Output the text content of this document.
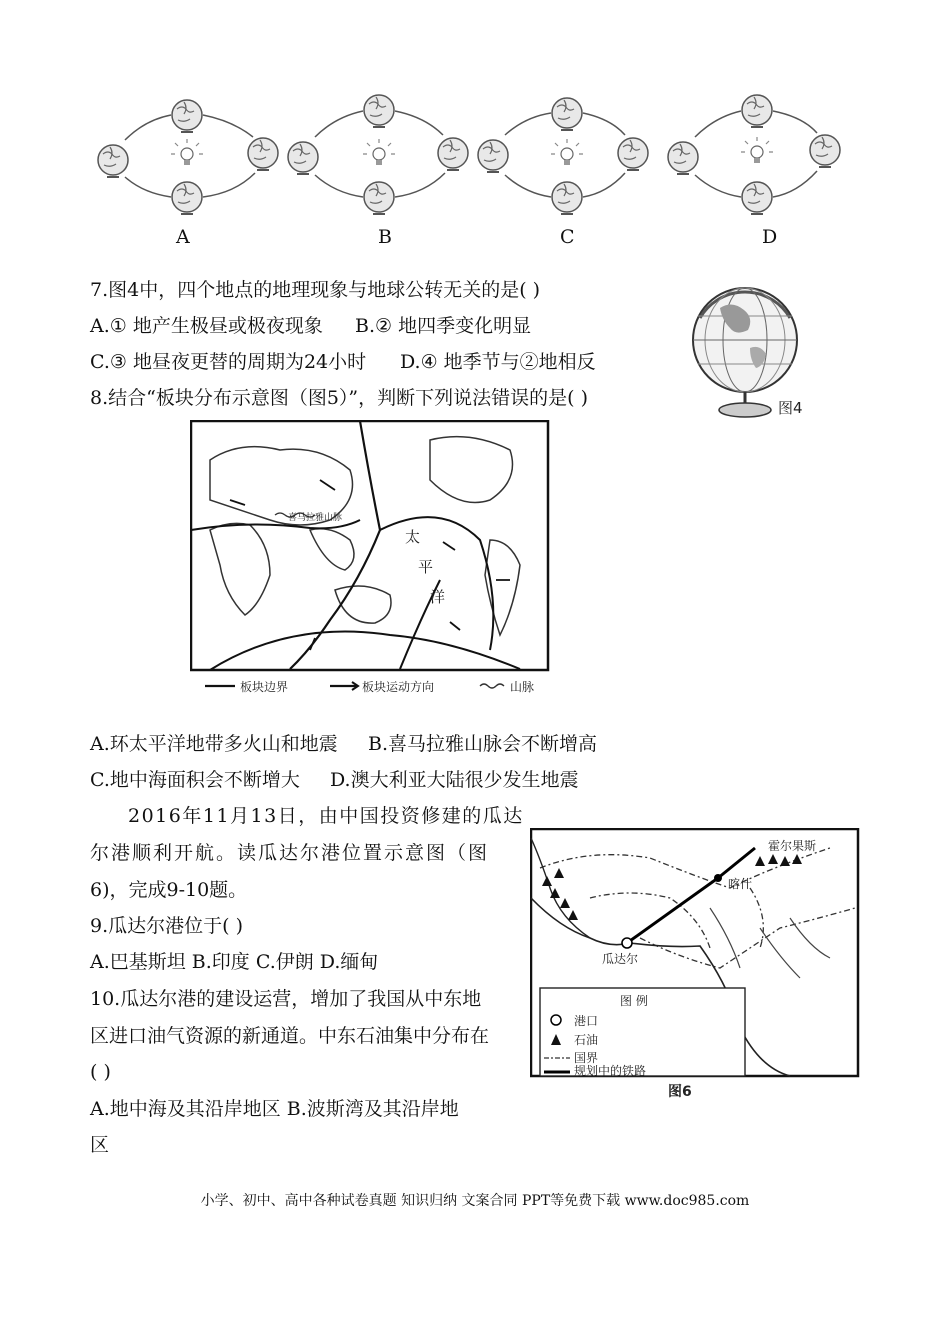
A	B	C	D
7.图4中，四个地点的地理现象与地球公转无关的是( )
A.① 地产生极昼或极夜现象 B.② 地四季变化明显
C.③ 地昼夜更替的周期为24小时 D.④ 地季节与②地相反
图4
8.结合“板块分布示意图（图5）”，判断下列说法错误的是( )
喜马拉雅山脉
太
平
洋
板块边界	板块运动方向	山脉
A.环太平洋地带多火山和地震 B.喜马拉雅山脉会不断增高
C.地中海面积会不断增大 D.澳大利亚大陆很少发生地震
2016年11月13日，由中国投资修建的瓜达
尔港顺利开航。读瓜达尔港位置示意图（图
6)，完成9-10题。
9.瓜达尔港位于( )
A.巴基斯坦 B.印度 C.伊朗 D.缅甸
10.瓜达尔港的建设运营，增加了我国从中东地
区进口油气资源的新通道。中东石油集中分布在
( )
A.地中海及其沿岸地区 B.波斯湾及其沿岸地
区
霍尔果斯
喀什
瓜达尔
图 例
港口
石油
国界
规划中的铁路
图6
小学、初中、高中各种试卷真题 知识归纳 文案合同 PPT等免费下载 www.doc985.com
